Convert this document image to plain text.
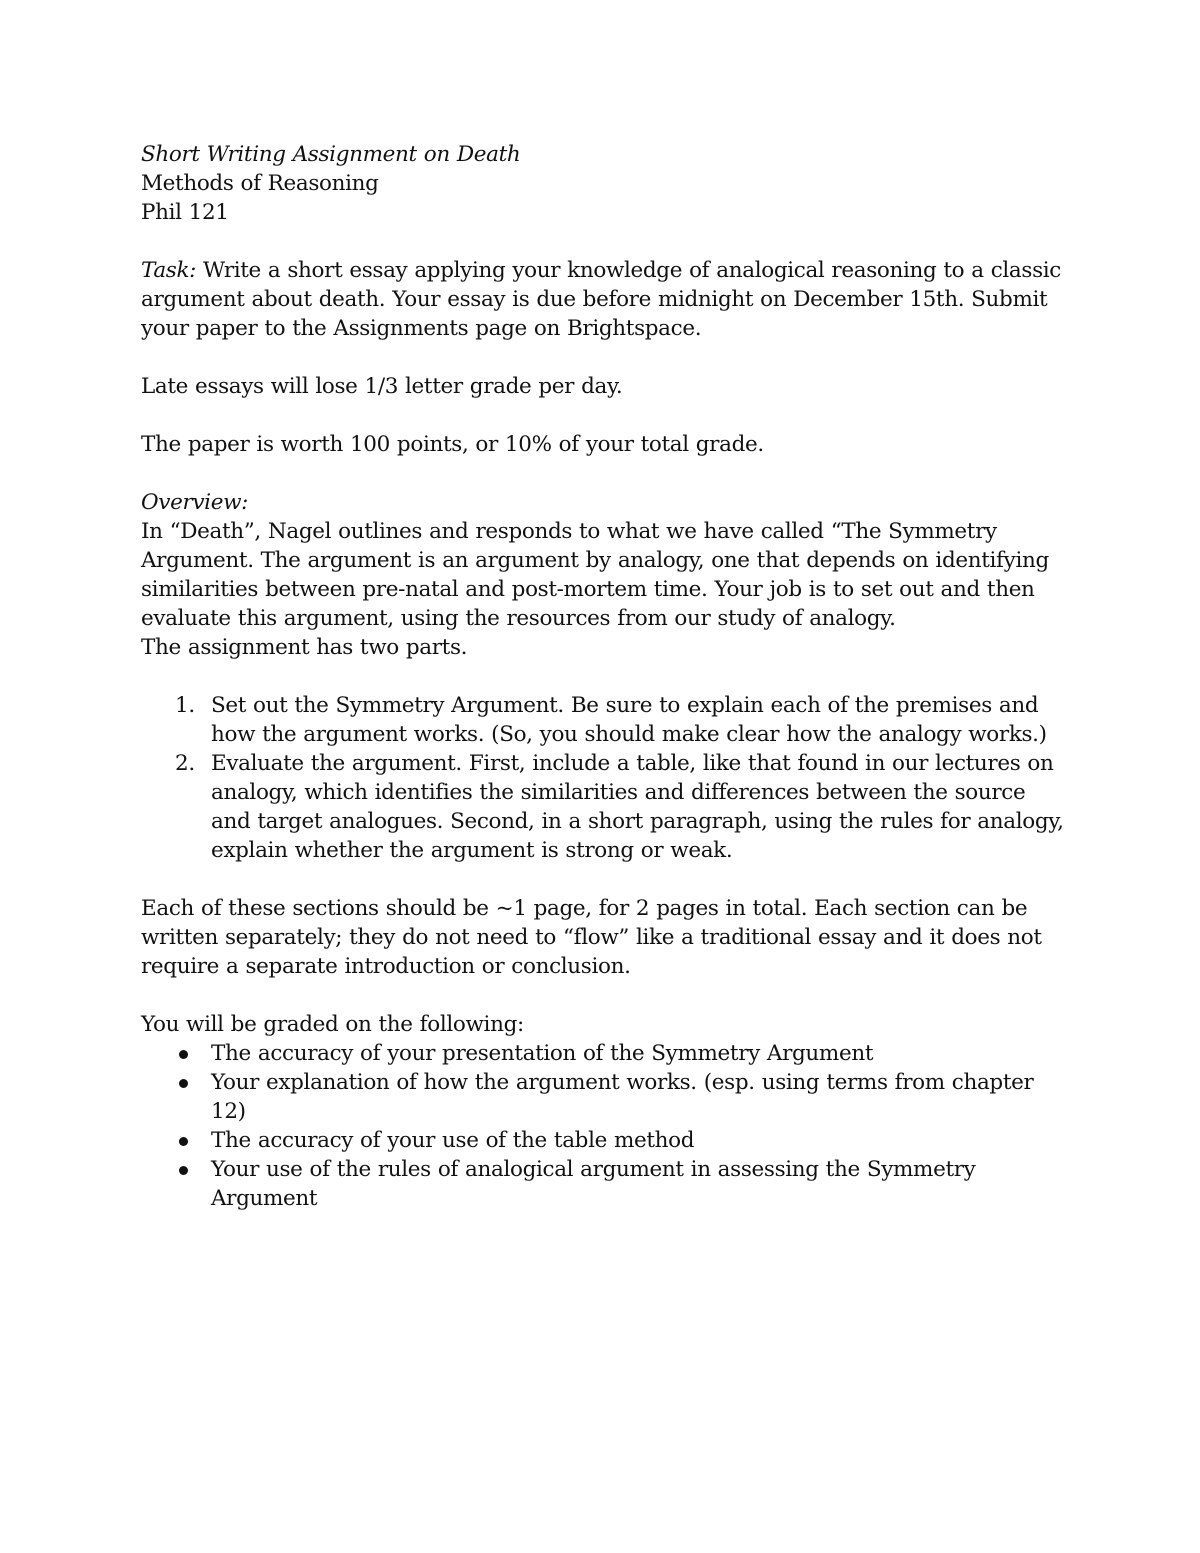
Short Writing Assignment on Death

Methods of Reasoning

Phil 121

Task: Write a short essay applying your knowledge of analogical reasoning to a classic argument about death. Your essay is due before midnight on December 15th. Submit your paper to the Assignments page on Brightspace.

Late essays will lose 1/3 letter grade per day.

The paper is worth 100 points, or 10% of your total grade.

Overview:

In “Death”, Nagel outlines and responds to what we have called “The Symmetry Argument. The argument is an argument by analogy, one that depends on identifying similarities between pre-natal and post-mortem time. Your job is to set out and then evaluate this argument, using the resources from our study of analogy.

The assignment has two parts.

1. Set out the Symmetry Argument. Be sure to explain each of the premises and how the argument works. (So, you should make clear how the analogy works.)
2. Evaluate the argument. First, include a table, like that found in our lectures on analogy, which identifies the similarities and differences between the source and target analogues. Second, in a short paragraph, using the rules for analogy, explain whether the argument is strong or weak.

Each of these sections should be ~1 page, for 2 pages in total. Each section can be written separately; they do not need to “flow” like a traditional essay and it does not require a separate introduction or conclusion.

You will be graded on the following:

The accuracy of your presentation of the Symmetry Argument
Your explanation of how the argument works. (esp. using terms from chapter 12)
The accuracy of your use of the table method
Your use of the rules of analogical argument in assessing the Symmetry Argument
